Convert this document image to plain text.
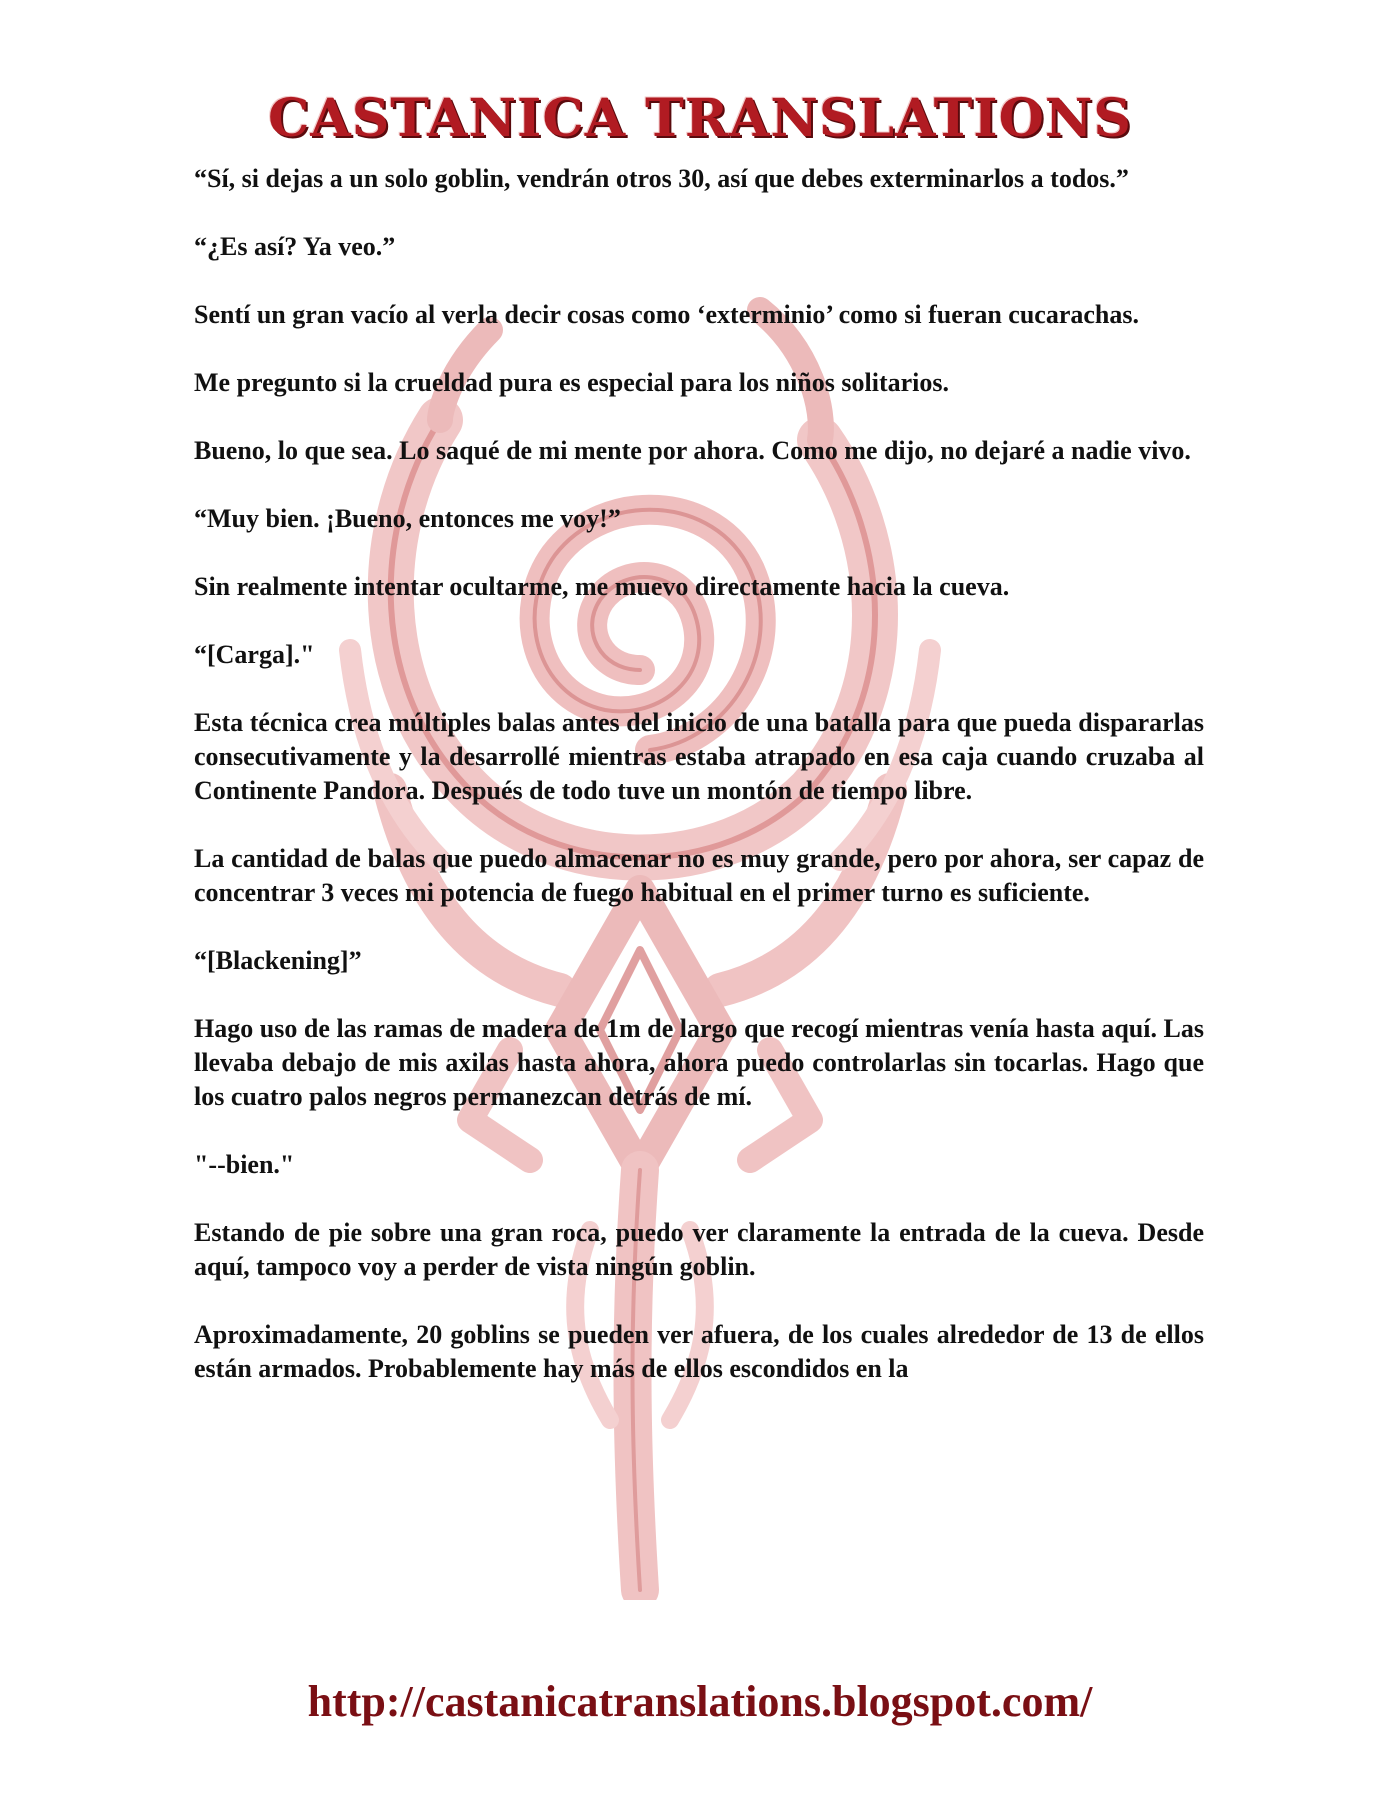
CASTANICA TRANSLATIONS

“Sí, si dejas a un solo goblin, vendrán otros 30, así que debes exterminarlos a todos.”

“¿Es así? Ya veo.”

Sentí un gran vacío al verla decir cosas como ‘exterminio’ como si fueran cucarachas.

Me pregunto si la crueldad pura es especial para los niños solitarios.

Bueno, lo que sea. Lo saqué de mi mente por ahora. Como me dijo, no dejaré a nadie vivo.

“Muy bien. ¡Bueno, entonces me voy!”

Sin realmente intentar ocultarme, me muevo directamente hacia la cueva.

“[Carga]."

Esta técnica crea múltiples balas antes del inicio de una batalla para que pueda dispararlas consecutivamente y la desarrollé mientras estaba atrapado en esa caja cuando cruzaba al Continente Pandora. Después de todo tuve un montón de tiempo libre.

La cantidad de balas que puedo almacenar no es muy grande, pero por ahora, ser capaz de concentrar 3 veces mi potencia de fuego habitual en el primer turno es suficiente.

“[Blackening]”

Hago uso de las ramas de madera de 1m de largo que recogí mientras venía hasta aquí. Las llevaba debajo de mis axilas hasta ahora, ahora puedo controlarlas sin tocarlas. Hago que los cuatro palos negros permanezcan detrás de mí.

"--bien."

Estando de pie sobre una gran roca, puedo ver claramente la entrada de la cueva. Desde aquí, tampoco voy a perder de vista ningún goblin.

Aproximadamente, 20 goblins se pueden ver afuera, de los cuales alrededor de 13 de ellos están armados. Probablemente hay más de ellos escondidos en la

http://castanicatranslations.blogspot.com/
